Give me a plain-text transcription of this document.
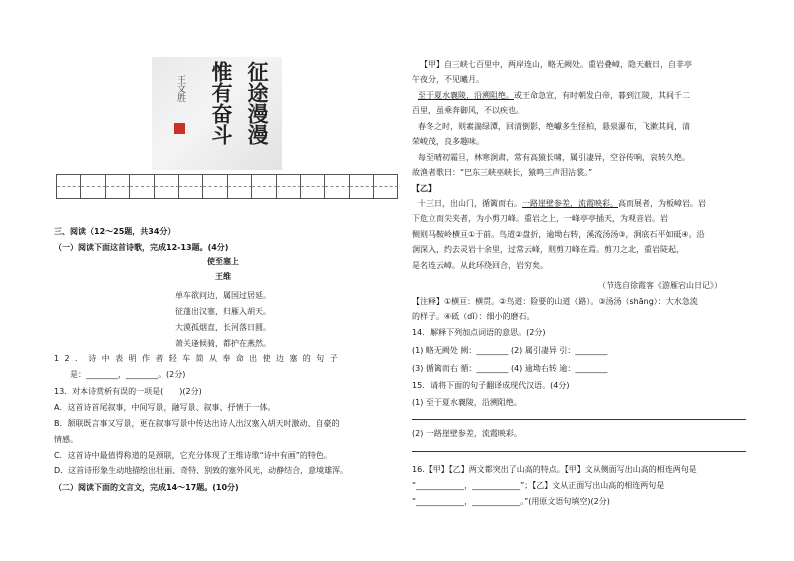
征途漫漫
惟有奋斗
王文胜
三、阅读（12～25题，共34分）
（一）阅读下面这首诗歌，完成12-13题。(4分)
使至塞上
王维
单车欲问边，属国过居延。
征蓬出汉塞，归雁入胡天。
大漠孤烟直，长河落日圆。
萧关逢候骑，都护在燕然。
12．诗中表明作者轻车简从奉命出使边塞的句子
是：________，________。(2分)
13．对本诗赏析有误的一项是(　　)(2分)
A．这首诗首尾叙事，中间写景，融写景、叙事、抒情于一体。
B．颔联既言事又写景，更在叙事写景中传达出诗人出汉塞入胡天时激动、自豪的
情感。
C．这首诗中最值得称道的是颈联，它充分体现了王维诗歌“诗中有画”的特色。
D．这首诗形象生动地描绘出壮丽、奇特、别致的塞外风光，动静结合，意境雄浑。
（二）阅读下面的文言文，完成14～17题。(10分)
【甲】自三峡七百里中，两岸连山，略无阙处。重岩叠嶂，隐天蔽日，自非亭
午夜分，不见曦月。
至于夏水襄陵，沿溯阻绝。或王命急宣，有时朝发白帝，暮到江陵，其间千二
百里，虽乘奔御风，不以疾也。
春冬之时，则素湍绿潭，回清倒影，绝巘多生怪柏，悬泉瀑布，飞漱其间，清
荣峻茂，良多趣味。
每至晴初霜旦，林寒涧肃，常有高猿长啸，属引凄异，空谷传响，哀转久绝。
故渔者歌曰：“巴东三峡巫峡长，猿鸣三声泪沾裳。”
【乙】
十三日，出山门，循篱而右。一路崖壁参差，流霞映彩。高而展者，为板嶂岩。岩
下危立而尖夹者，为小剪刀峰。重岩之上，一峰亭亭插天，为观音岩。岩
侧则马鞍岭横亘①于前。鸟道②盘折，逾坳右转，溪流汤汤③，涧底石平如砥④。沿
涧深入，约去灵岩十余里，过常云峰，则剪刀峰在焉。剪刀之北，重岩陡起，
是名连云嶂。从此环绕回合，岩穷矣。
（节选自徐霞客《游雁宕山日记》）
【注释】①横亘：横贯。②鸟道：险要的山道（路）。③汤汤（shāng）：大水急流
的样子。④砥（dǐ）：细小的磨石。
14．解释下列加点词语的意思。(2分)
(1) 略无阙处 阙：________ (2) 属引凄异 引：________
(3) 循篱而右 循：________ (4) 逾坳右转 逾：________
15．请将下面的句子翻译成现代汉语。(4分)
(1) 至于夏水襄陵，沿溯阻绝。
(2) 一路崖壁参差，流霞映彩。
16.【甲】【乙】两文都突出了山高的特点。【甲】文从侧面写出山高的相连两句是
“____________，____________”；【乙】文从正面写出山高的相连两句是
“____________，____________。”(用原文语句填空)(2分)
